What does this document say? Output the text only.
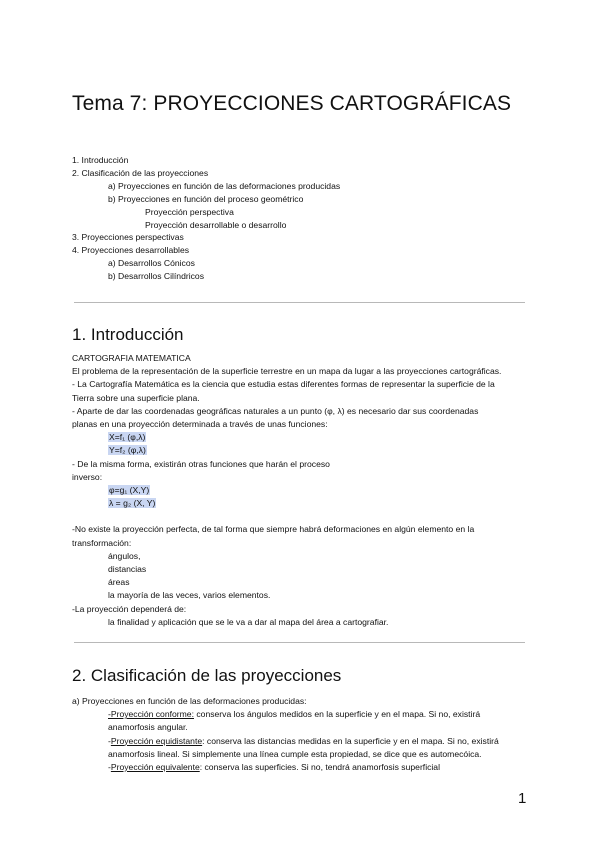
Tema 7: PROYECCIONES CARTOGRÁFICAS
1. Introducción
2. Clasificación de las proyecciones
a) Proyecciones en función de las deformaciones producidas
b) Proyecciones en función del proceso geométrico
Proyección perspectiva
Proyección desarrollable o desarrollo
3. Proyecciones perspectivas
4. Proyecciones desarrollables
a) Desarrollos Cónicos
b) Desarrollos Cilíndricos
1. Introducción
CARTOGRAFIA MATEMATICA
El problema de la representación de la superficie terrestre en un mapa da lugar a las proyecciones cartográficas.
- La Cartografía Matemática es la ciencia que estudia estas diferentes formas de representar la superficie de la
Tierra sobre una superficie plana.
- Aparte de dar las coordenadas geográficas naturales a un punto (φ, λ) es necesario dar sus coordenadas
planas en una proyección determinada a través de unas funciones:
X=f₁ (φ,λ)
Y=f₂ (φ,λ)
- De la misma forma, existirán otras funciones que harán el proceso
inverso:
φ=g₁ (X,Y)
λ = g₂ (X, Y)
-No existe la proyección perfecta, de tal forma que siempre habrá deformaciones en algún elemento en la
transformación:
ángulos,
distancias
áreas
la mayoría de las veces, varios elementos.
-La proyección dependerá de:
la finalidad y aplicación que se le va a dar al mapa del área a cartografiar.
2. Clasificación de las proyecciones
a) Proyecciones en función de las deformaciones producidas:
-Proyección conforme: conserva los ángulos medidos en la superficie y en el mapa. Si no, existirá
anamorfosis angular.
-Proyección equidistante: conserva las distancias medidas en la superficie y en el mapa. Si no, existirá
anamorfosis lineal. Si simplemente una línea cumple esta propiedad, se dice que es automecóica.
-Proyección equivalente: conserva las superficies. Si no, tendrá anamorfosis superficial
1
